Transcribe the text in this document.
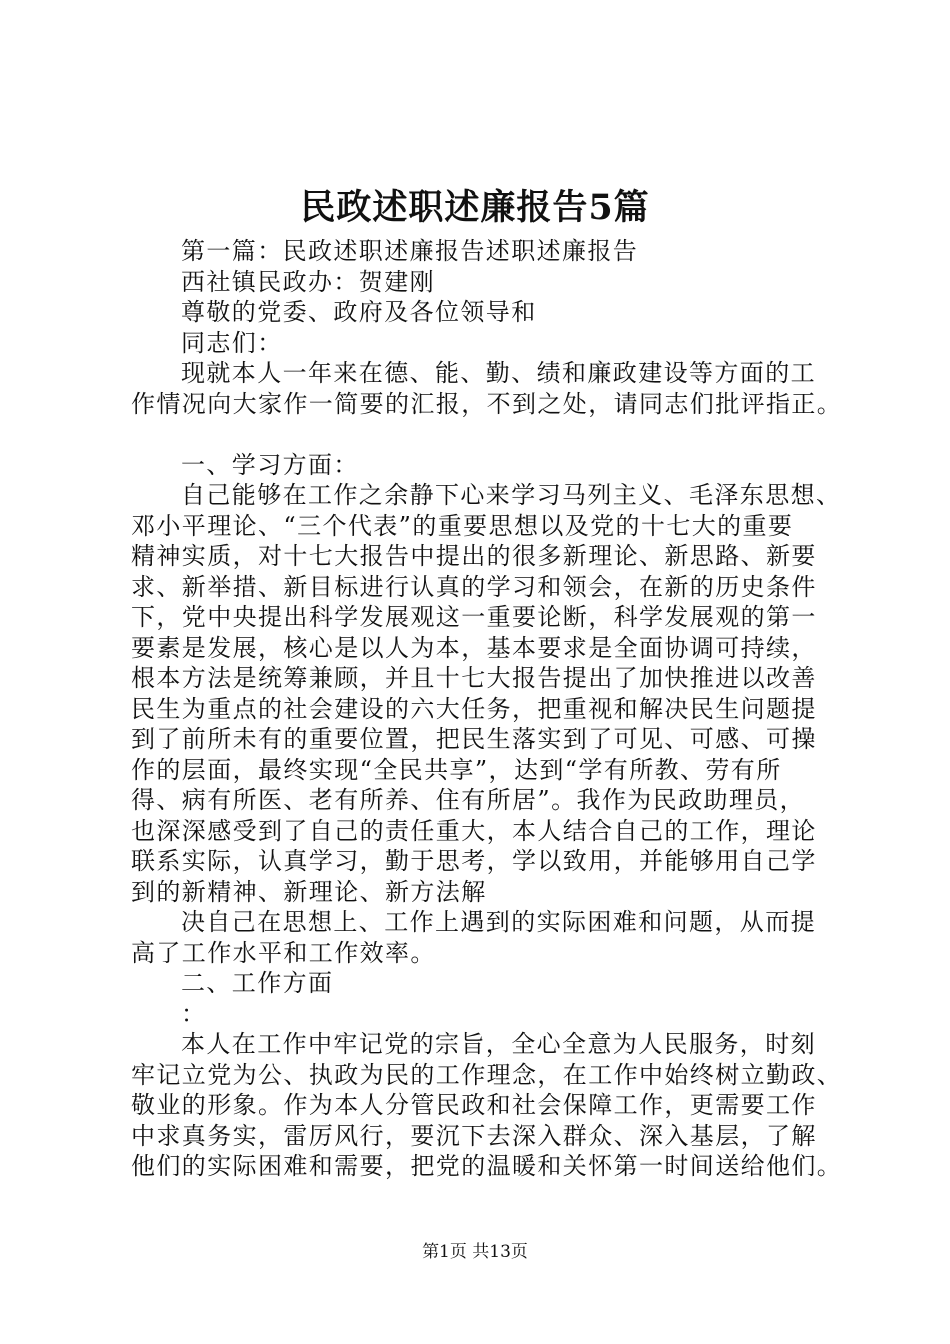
民政述职述廉报告5篇
第一篇：民政述职述廉报告述职述廉报告
西社镇民政办：贺建刚
尊敬的党委、政府及各位领导和
同志们：
现就本人一年来在德、能、勤、绩和廉政建设等方面的工
作情况向大家作一简要的汇报，不到之处，请同志们批评指正。
一、学习方面：
自己能够在工作之余静下心来学习马列主义、毛泽东思想、
邓小平理论、“三个代表”的重要思想以及党的十七大的重要
精神实质，对十七大报告中提出的很多新理论、新思路、新要
求、新举措、新目标进行认真的学习和领会，在新的历史条件
下，党中央提出科学发展观这一重要论断，科学发展观的第一
要素是发展，核心是以人为本，基本要求是全面协调可持续，
根本方法是统筹兼顾，并且十七大报告提出了加快推进以改善
民生为重点的社会建设的六大任务，把重视和解决民生问题提
到了前所未有的重要位置，把民生落实到了可见、可感、可操
作的层面，最终实现“全民共享”，达到“学有所教、劳有所
得、病有所医、老有所养、住有所居”。我作为民政助理员，
也深深感受到了自己的责任重大，本人结合自己的工作，理论
联系实际，认真学习，勤于思考，学以致用，并能够用自己学
到的新精神、新理论、新方法解
决自己在思想上、工作上遇到的实际困难和问题，从而提
高了工作水平和工作效率。
二、工作方面
：
本人在工作中牢记党的宗旨，全心全意为人民服务，时刻
牢记立党为公、执政为民的工作理念，在工作中始终树立勤政、
敬业的形象。作为本人分管民政和社会保障工作，更需要工作
中求真务实，雷厉风行，要沉下去深入群众、深入基层，了解
他们的实际困难和需要，把党的温暖和关怀第一时间送给他们。
第1页 共13页
